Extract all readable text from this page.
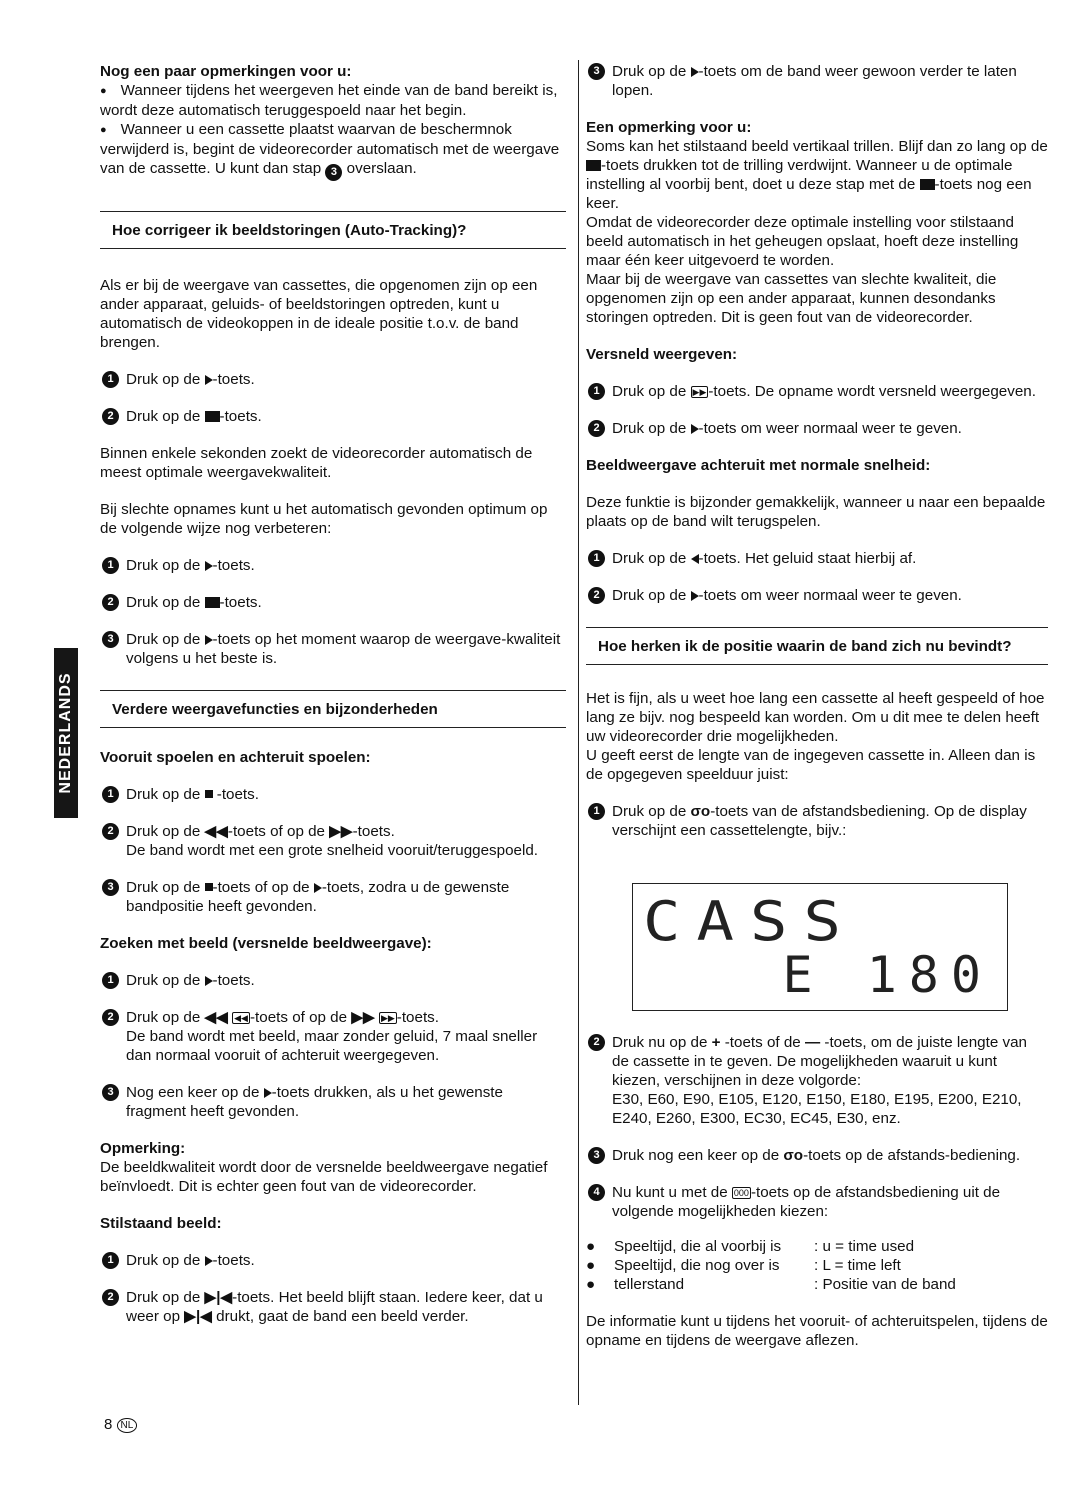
NEDERLANDS

Nog een paar opmerkingen voor u:

● Wanneer tijdens het weergeven het einde van de band bereikt is, wordt deze automatisch teruggespoeld naar het begin.

● Wanneer u een cassette plaatst waarvan de beschermnok verwijderd is, begint de videorecorder automatisch met de weergave van de cassette. U kunt dan stap 3 overslaan.

Hoe corrigeer ik beeldstoringen (Auto-Tracking)?

Als er bij de weergave van cassettes, die opgenomen zijn op een ander apparaat, geluids- of beeldstoringen optreden, kunt u automatisch de videokoppen in de ideale positie t.o.v. de band brengen.

1 Druk op de -toets.

2 Druk op de -toets.

Binnen enkele sekonden zoekt de videorecorder automatisch de meest optimale weergavekwaliteit.

Bij slechte opnames kunt u het automatisch gevonden optimum op de volgende wijze nog verbeteren:

1 Druk op de -toets.

2 Druk op de -toets.

3 Druk op de -toets op het moment waarop de weergave-kwaliteit volgens u het beste is.

Verdere weergavefuncties en bijzonderheden

Vooruit spoelen en achteruit spoelen:

1 Druk op de -toets.

2 Druk op de ◀◀-toets of op de ▶▶-toets.
De band wordt met een grote snelheid vooruit/teruggespoeld.

3 Druk op de -toets of op de -toets, zodra u de gewenste bandpositie heeft gevonden.

Zoeken met beeld (versnelde beeldweergave):

1 Druk op de -toets.

2 Druk op de ◀◀ ◀◀ -toets of op de ▶▶ ▶▶ -toets.
De band wordt met beeld, maar zonder geluid, 7 maal sneller dan normaal vooruit of achteruit weergegeven.

3 Nog een keer op de -toets drukken, als u het gewenste fragment heeft gevonden.

Opmerking:

De beeldkwaliteit wordt door de versnelde beeldweergave negatief beïnvloedt. Dit is echter geen fout van de videorecorder.

Stilstaand beeld:

1 Druk op de -toets.

2 Druk op de ▶|◀-toets. Het beeld blijft staan. Iedere keer, dat u weer op ▶|◀ drukt, gaat de band een beeld verder.

3 Druk op de -toets om de band weer gewoon verder te laten lopen.

Een opmerking voor u:

Soms kan het stilstaand beeld vertikaal trillen. Blijf dan zo lang op de -toets drukken tot de trilling verdwijnt. Wanneer u de optimale instelling al voorbij bent, doet u deze stap met de -toets nog een keer.

Omdat de videorecorder deze optimale instelling voor stilstaand beeld automatisch in het geheugen opslaat, hoeft deze instelling maar één keer uitgevoerd te worden.

Maar bij de weergave van cassettes van slechte kwaliteit, die opgenomen zijn op een ander apparaat, kunnen desondanks storingen optreden. Dit is geen fout van de videorecorder.

Versneld weergeven:

1 Druk op de ▶▶ -toets. De opname wordt versneld weergegeven.

2 Druk op de -toets om weer normaal weer te geven.

Beeldweergave achteruit met normale snelheid:

Deze funktie is bijzonder gemakkelijk, wanneer u naar een bepaalde plaats op de band wilt terugspelen.

1 Druk op de -toets. Het geluid staat hierbij af.

2 Druk op de -toets om weer normaal weer te geven.

Hoe herken ik de positie waarin de band zich nu bevindt?

Het is fijn, als u weet hoe lang een cassette al heeft gespeeld of hoe lang ze bijv. nog bespeeld kan worden. Om u dit mee te delen heeft uw videorecorder drie mogelijkheden.

U geeft eerst de lengte van de ingegeven cassette in. Alleen dan is de opgegeven speelduur juist:

1 Druk op de σο-toets van de afstandsbediening. Op de display verschijnt een cassettelengte, bijv.:

CASS
E 180

2 Druk nu op de + -toets of de — -toets, om de juiste lengte van de cassette in te geven. De mogelijkheden waaruit u kunt kiezen, verschijnen in deze volgorde:
E30, E60, E90, E105, E120, E150, E180, E195, E200, E210, E240, E260, E300, EC30, EC45, E30, enz.

3 Druk nog een keer op de σο-toets op de afstands-bediening.

4 Nu kunt u met de 000 -toets op de afstandsbediening uit de volgende mogelijkheden kiezen:

●	Speeltijd, die al voorbij is	: u = time used
●	Speeltijd, die nog over is	: L = time left
●	tellerstand	: Positie van de band

De informatie kunt u tijdens het vooruit- of achteruitspelen, tijdens de opname en tijdens de weergave aflezen.

8 NL
